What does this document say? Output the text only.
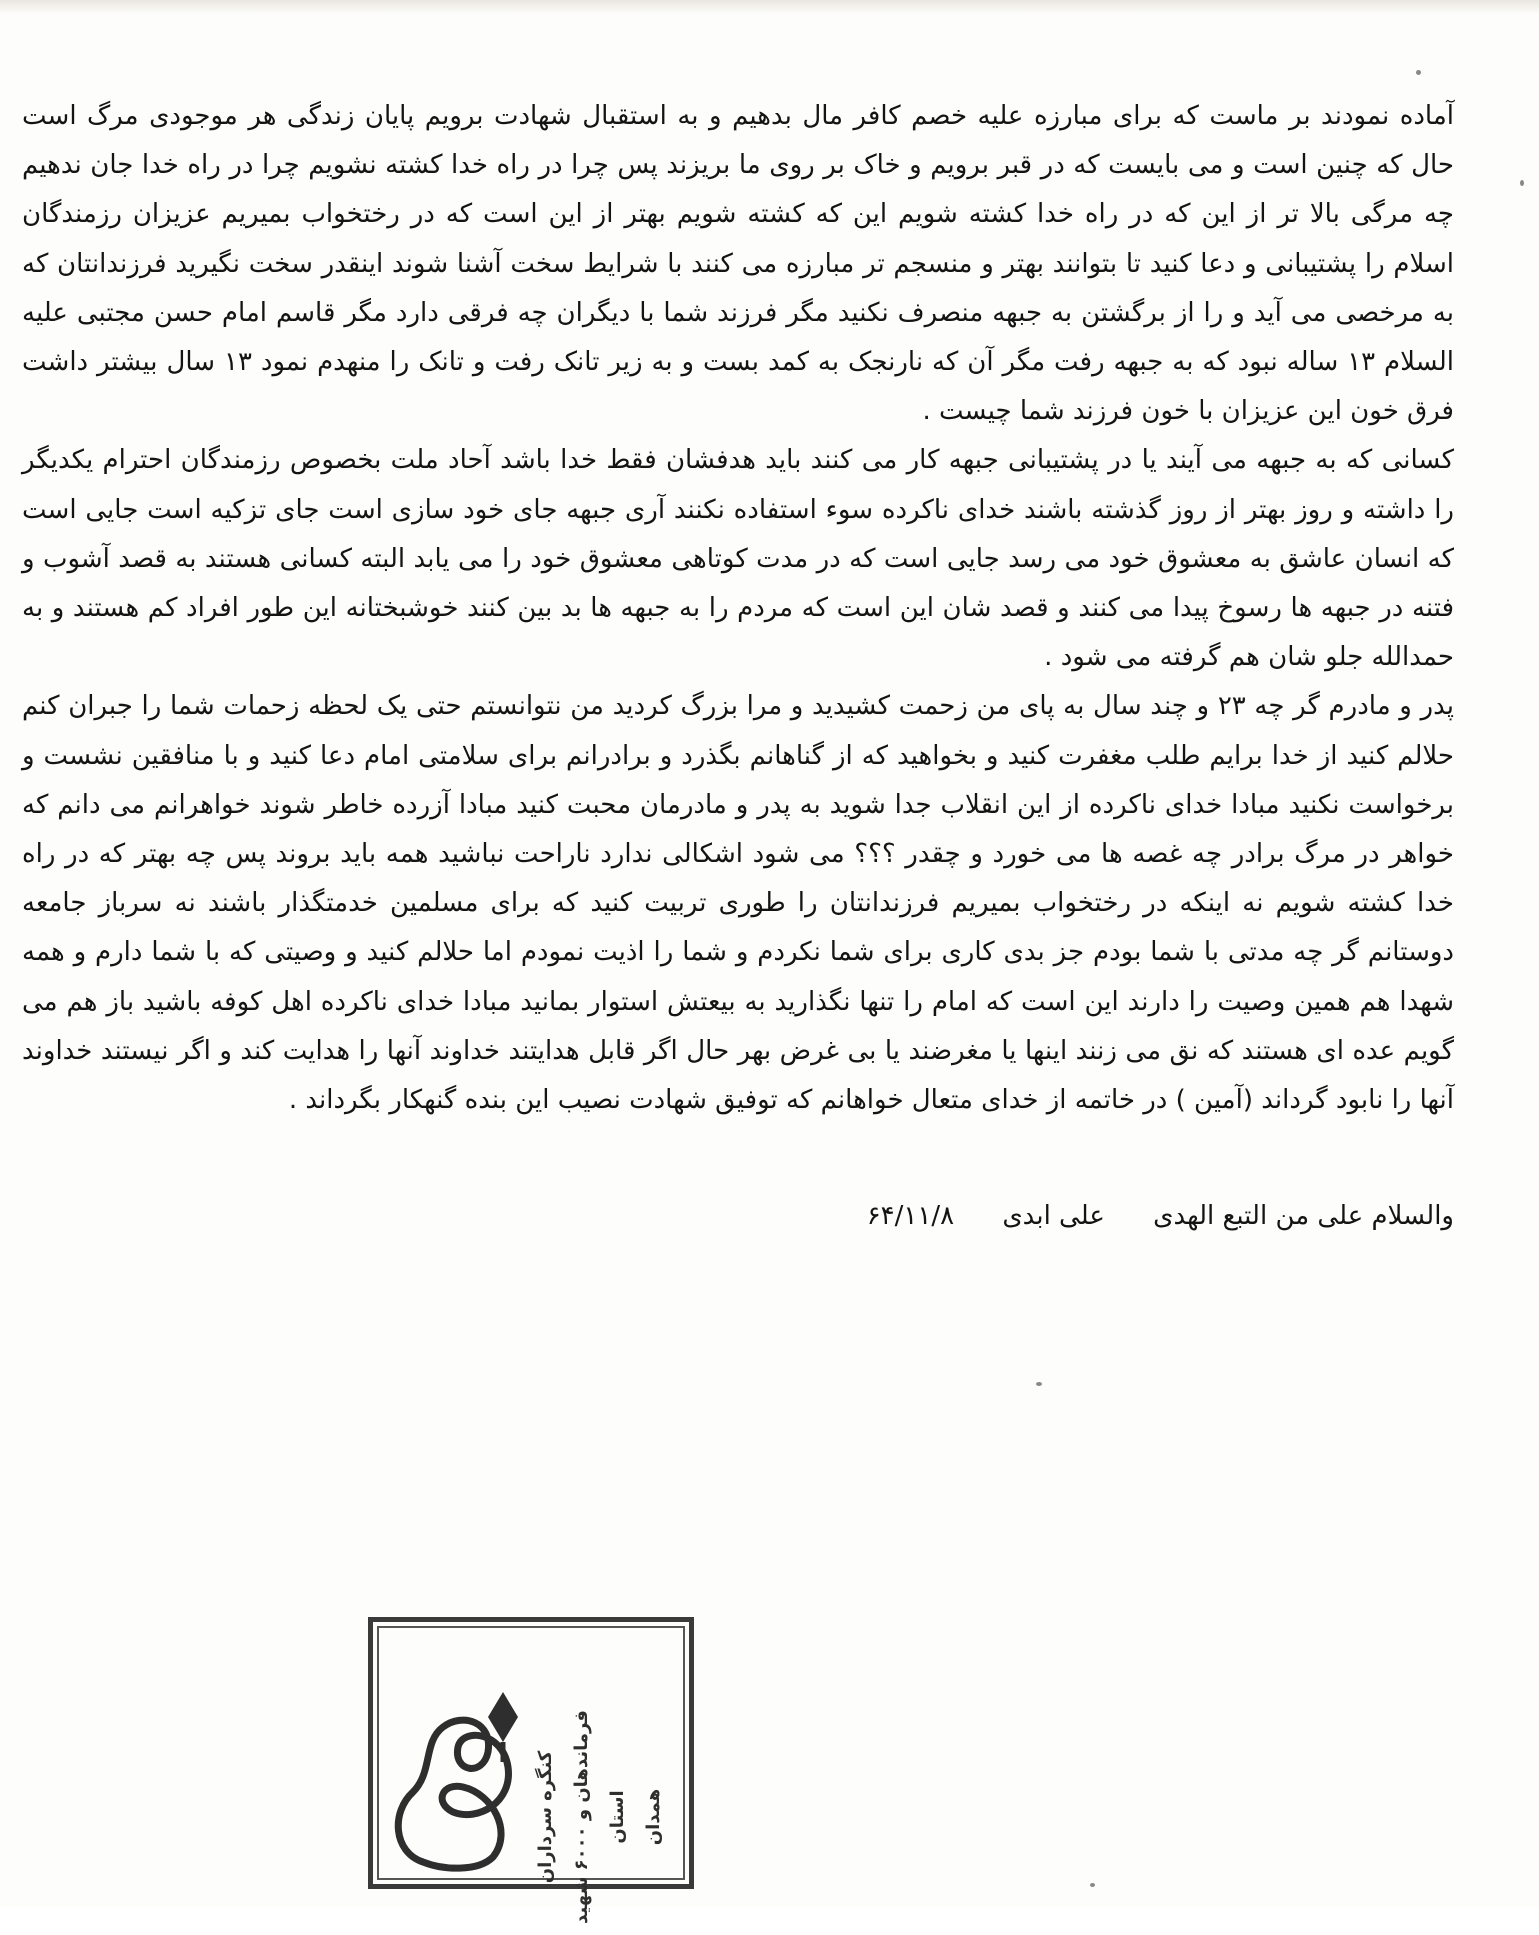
آماده نمودند بر ماست که برای مبارزه علیه خصم کافر مال بدهیم و به استقبال شهادت برویم پایان زندگی هر موجودی مرگ است حال که چنین است و می بایست که در قبر برویم و خاک بر روی ما بریزند پس چرا در راه خدا کشته نشویم چرا در راه خدا جان ندهیم چه مرگی بالا تر از این که در راه خدا کشته شویم این که کشته شویم بهتر از این است که در رختخواب بمیریم عزیزان رزمندگان اسلام را پشتیبانی و دعا کنید تا بتوانند بهتر و منسجم تر مبارزه می کنند با شرایط سخت آشنا شوند اینقدر سخت نگیرید فرزندانتان که به مرخصی می آید و را از برگشتن به جبهه منصرف نکنید مگر فرزند شما با دیگران چه فرقی دارد مگر قاسم امام حسن مجتبی علیه السلام ۱۳ ساله نبود که به جبهه رفت مگر آن که نارنجک به کمد بست و به زیر تانک رفت و تانک را منهدم نمود ۱۳ سال بیشتر داشت فرق خون این عزیزان با خون فرزند شما چیست .

کسانی که به جبهه می آیند یا در پشتیبانی جبهه کار می کنند باید هدفشان فقط خدا باشد آحاد ملت بخصوص رزمندگان احترام یکدیگر را داشته و روز بهتر از روز گذشته باشند خدای ناکرده سوء استفاده نکنند آری جبهه جای خود سازی است جای تزکیه است جایی است که انسان عاشق به معشوق خود می رسد جایی است که در مدت کوتاهی معشوق خود را می یابد البته کسانی هستند به قصد آشوب و فتنه در جبهه ها رسوخ پیدا می کنند و قصد شان این است که مردم را به جبهه ها بد بین کنند خوشبختانه این طور افراد کم هستند و به حمدالله جلو شان هم گرفته می شود .

پدر و مادرم گر چه ۲۳ و چند سال به پای من زحمت کشیدید و مرا بزرگ کردید من نتوانستم حتی یک لحظه زحمات شما را جبران کنم حلالم کنید از خدا برایم طلب مغفرت کنید و بخواهید که از گناهانم بگذرد و برادرانم برای سلامتی امام دعا کنید و با منافقین نشست و برخواست نکنید مبادا خدای ناکرده از این انقلاب جدا شوید به پدر و مادرمان محبت کنید مبادا آزرده خاطر شوند خواهرانم می دانم که خواهر در مرگ برادر چه غصه ها می خورد و چقدر ؟؟؟ می شود اشکالی ندارد ناراحت نباشید همه باید بروند پس چه بهتر که در راه خدا کشته شویم نه اینکه در رختخواب بمیریم فرزندانتان را طوری تربیت کنید که برای مسلمین خدمتگذار باشند نه سرباز جامعه دوستانم گر چه مدتی با شما بودم جز بدی کاری برای شما نکردم و شما را اذیت نمودم اما حلالم کنید و وصیتی که با شما دارم و همه شهدا هم همین وصیت را دارند این است که امام را تنها نگذارید به بیعتش استوار بمانید مبادا خدای ناکرده اهل کوفه باشید باز هم می گویم عده ای هستند که نق می زنند اینها یا مغرضند یا بی غرض بهر حال اگر قابل هدایتند خداوند آنها را هدایت کند و اگر نیستند خداوند آنها را نابود گرداند (آمین ) در خاتمه از خدای متعال خواهانم که توفیق شهادت نصیب این بنده گنهکار بگرداند .

والسلام علی من التبع الهدی علی ابدی ۶۴/۱۱/۸
کنگره سرداران
فرماندهان و ۶۰۰۰ شهید استان همدان
